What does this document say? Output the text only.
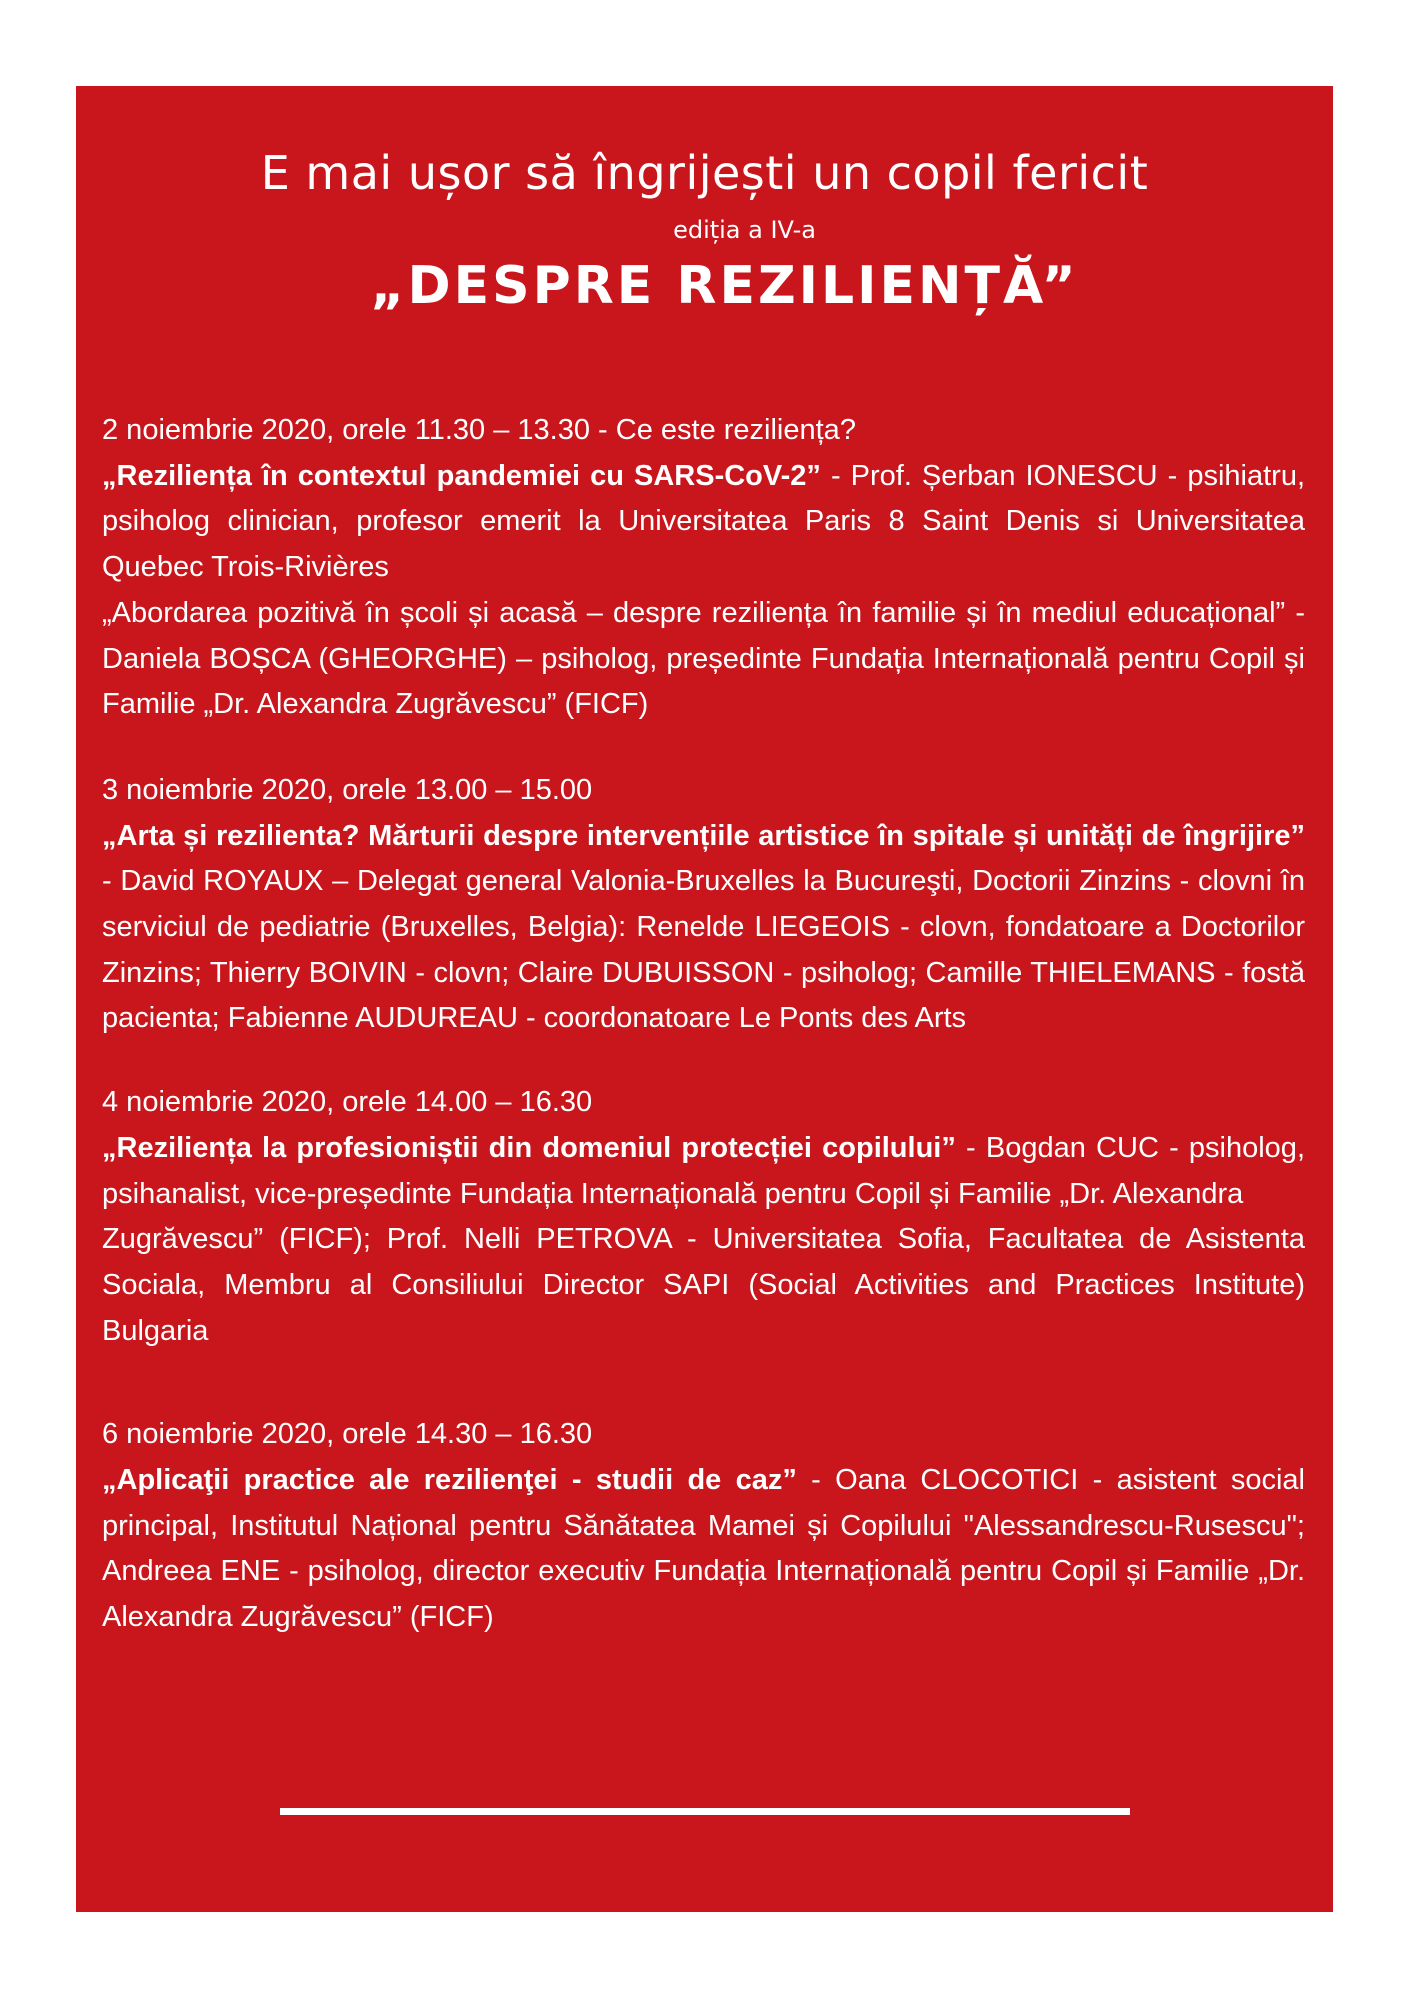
E mai ușor să îngrijești un copil fericit
ediția a IV-a
„DESPRE REZILIENȚĂ”

2 noiembrie 2020, orele 11.30 – 13.30 - Ce este reziliența?

„Reziliența în contextul pandemiei cu SARS-CoV-2” - Prof. Șerban IONESCU - psihiatru, psiholog clinician, profesor emerit la Universitatea Paris 8 Saint Denis si Universitatea Quebec Trois-Rivières

„Abordarea pozitivă în școli și acasă – despre reziliența în familie și în mediul educațional” - Daniela BOȘCA (GHEORGHE) – psiholog, președinte Fundația Internațională pentru Copil și Familie „Dr. Alexandra Zugrăvescu” (FICF)

3 noiembrie 2020, orele 13.00 – 15.00

„Arta și rezilienta? Mărturii despre intervențiile artistice în spitale și unități de îngrijire” - David ROYAUX – Delegat general Valonia-Bruxelles la Bucureşti, Doctorii Zinzins - clovni în serviciul de pediatrie (Bruxelles, Belgia): Renelde LIEGEOIS - clovn, fondatoare a Doctorilor Zinzins; Thierry BOIVIN - clovn; Claire DUBUISSON - psiholog; Camille THIELEMANS - fostă pacienta; Fabienne AUDUREAU - coordonatoare Le Ponts des Arts

4 noiembrie 2020, orele 14.00 – 16.30

„Reziliența la profesioniștii din domeniul protecției copilului” - Bogdan CUC - psiholog, psihanalist, vice-președinte Fundația Internațională pentru Copil și Familie „Dr. Alexandra

Zugrăvescu” (FICF); Prof. Nelli PETROVA - Universitatea Sofia, Facultatea de Asistenta Sociala, Membru al Consiliului Director SAPI (Social Activities and Practices Institute) Bulgaria

6 noiembrie 2020, orele 14.30 – 16.30

„Aplicaţii practice ale rezilienţei - studii de caz” - Oana CLOCOTICI - asistent social principal, Institutul Național pentru Sănătatea Mamei și Copilului "Alessandrescu-Rusescu"; Andreea ENE - psiholog, director executiv Fundația Internațională pentru Copil și Familie „Dr. Alexandra Zugrăvescu” (FICF)
